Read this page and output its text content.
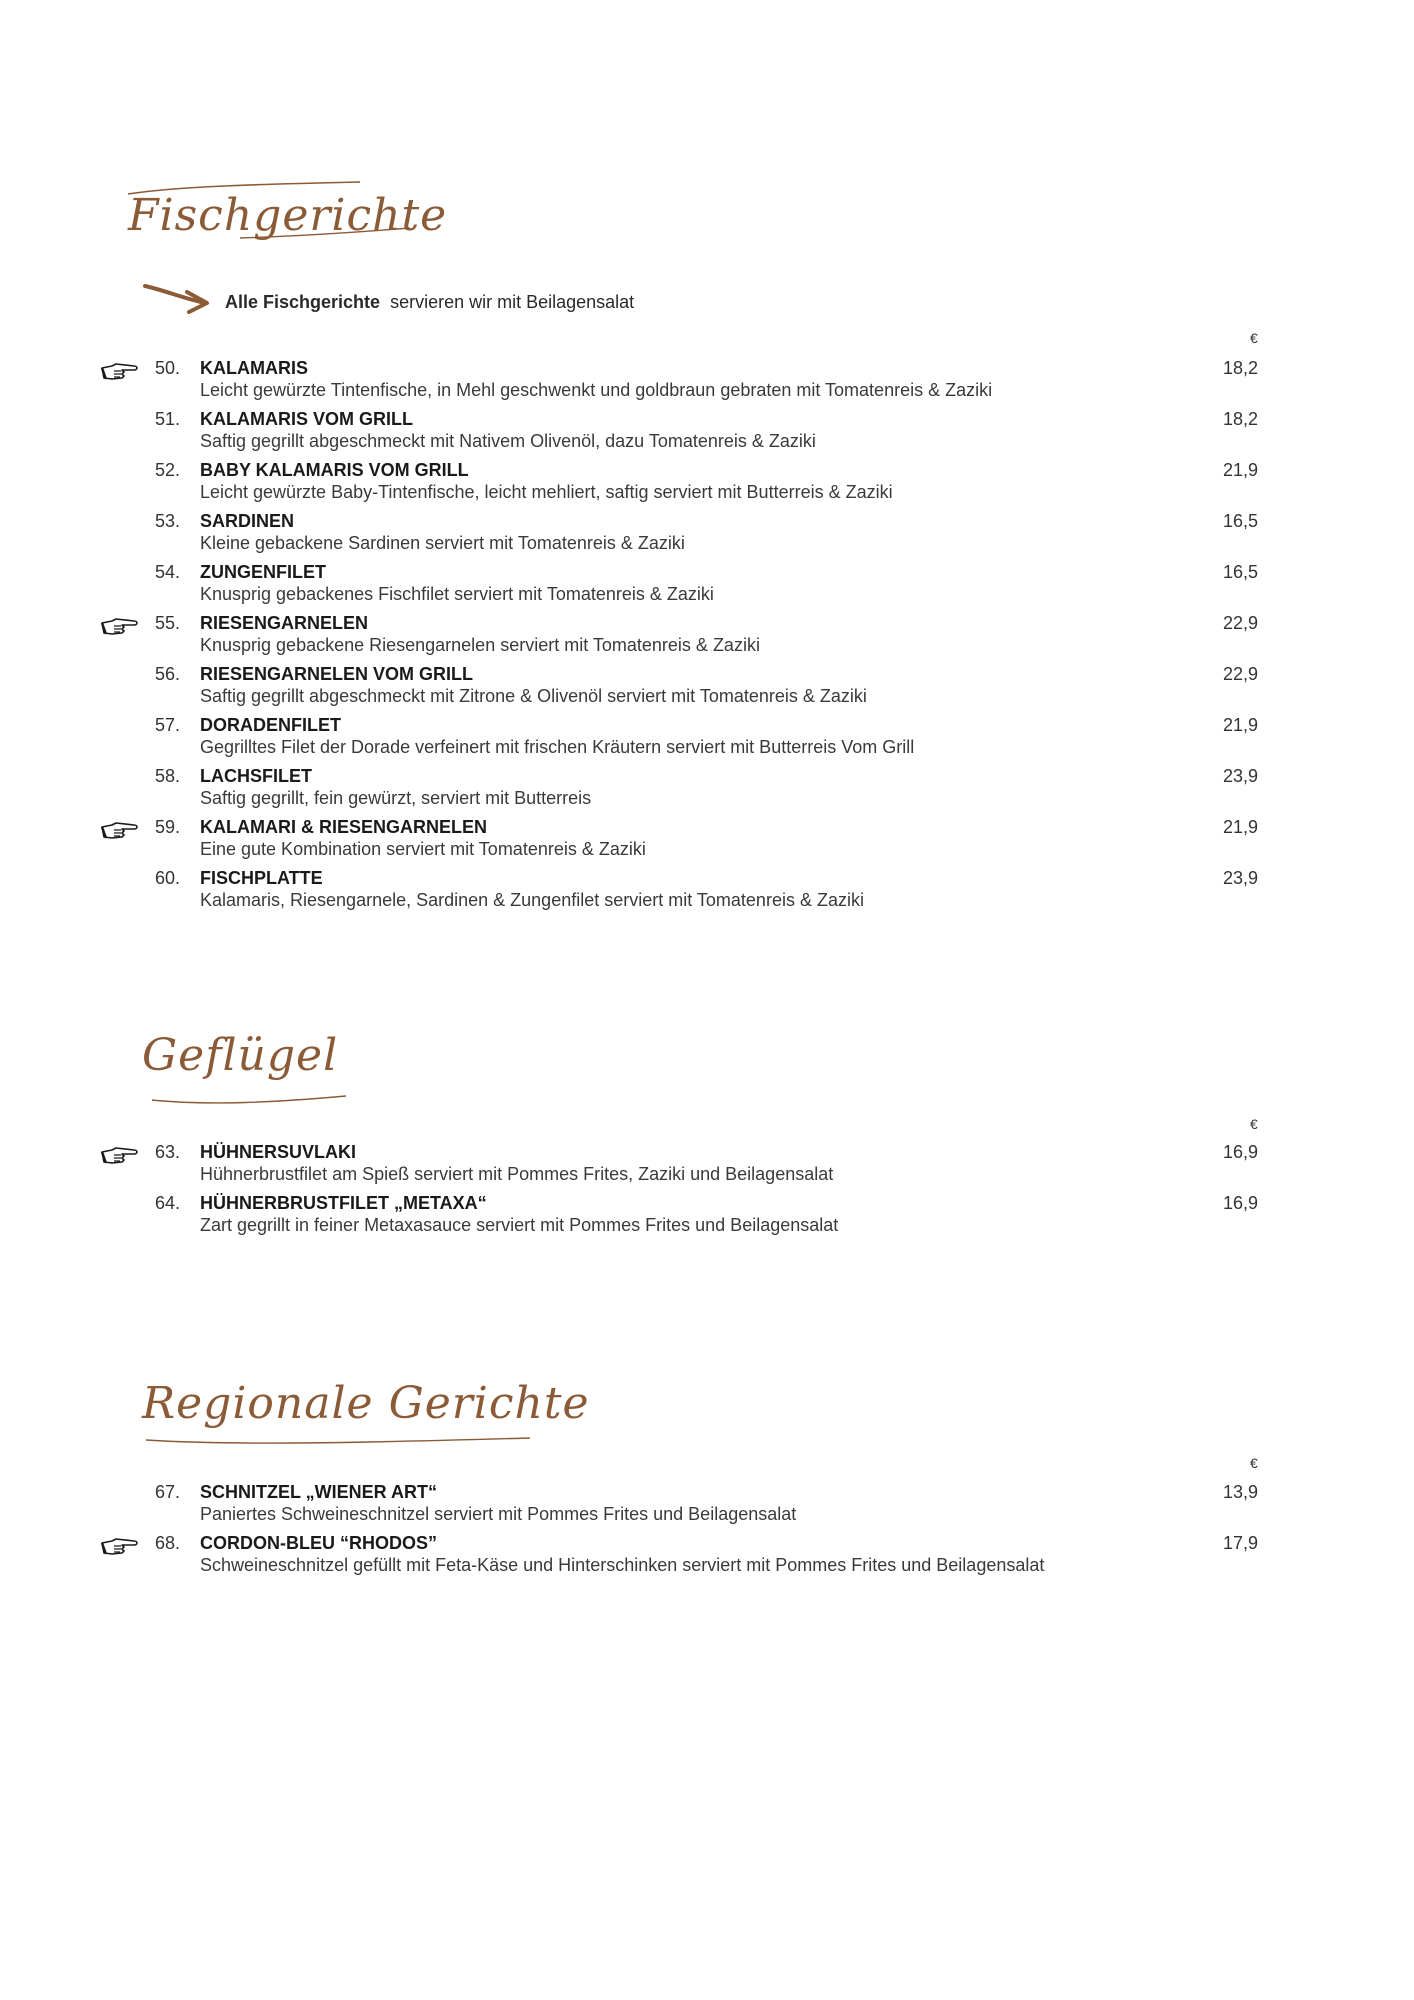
Fischgerichte
Alle Fischgerichte servieren wir mit Beilagensalat
€
50. KALAMARIS
Leicht gewürzte Tintenfische, in Mehl geschwenkt und goldbraun gebraten mit Tomatenreis & Zaziki
18,2
51. KALAMARIS VOM GRILL
Saftig gegrillt abgeschmeckt mit Nativem Olivenöl, dazu Tomatenreis & Zaziki
18,2
52. BABY KALAMARIS VOM GRILL
Leicht gewürzte Baby-Tintenfische, leicht mehliert, saftig serviert mit Butterreis & Zaziki
21,9
53. SARDINEN
Kleine gebackene Sardinen serviert mit Tomatenreis & Zaziki
16,5
54. ZUNGENFILET
Knusprig gebackenes Fischfilet serviert mit Tomatenreis & Zaziki
16,5
55. RIESENGARNELEN
Knusprig gebackene Riesengarnelen serviert mit Tomatenreis & Zaziki
22,9
56. RIESENGARNELEN VOM GRILL
Saftig gegrillt abgeschmeckt mit Zitrone & Olivenöl serviert mit Tomatenreis & Zaziki
22,9
57. DORADENFILET
Gegrilltes Filet der Dorade verfeinert mit frischen Kräutern serviert mit Butterreis Vom Grill
21,9
58. LACHSFILET
Saftig gegrillt, fein gewürzt, serviert mit Butterreis
23,9
59. KALAMARI & RIESENGARNELEN
Eine gute Kombination serviert mit Tomatenreis & Zaziki
21,9
60. FISCHPLATTE
Kalamaris, Riesengarnele, Sardinen & Zungenfilet serviert mit Tomatenreis & Zaziki
23,9
Geflügel
€
63. HÜHNERSUVLAKI
Hühnerbrustfilet am Spieß serviert mit Pommes Frites, Zaziki und Beilagensalat
16,9
64. HÜHNERBRUSTFILET „METAXA“
Zart gegrillt in feiner Metaxasauce serviert mit Pommes Frites und Beilagensalat
16,9
Regionale Gerichte
€
67. SCHNITZEL „WIENER ART“
Paniertes Schweineschnitzel serviert mit Pommes Frites und Beilagensalat
13,9
68. CORDON-BLEU “RHODOS”
Schweineschnitzel gefüllt mit Feta-Käse und Hinterschinken serviert mit Pommes Frites und Beilagensalat
17,9
